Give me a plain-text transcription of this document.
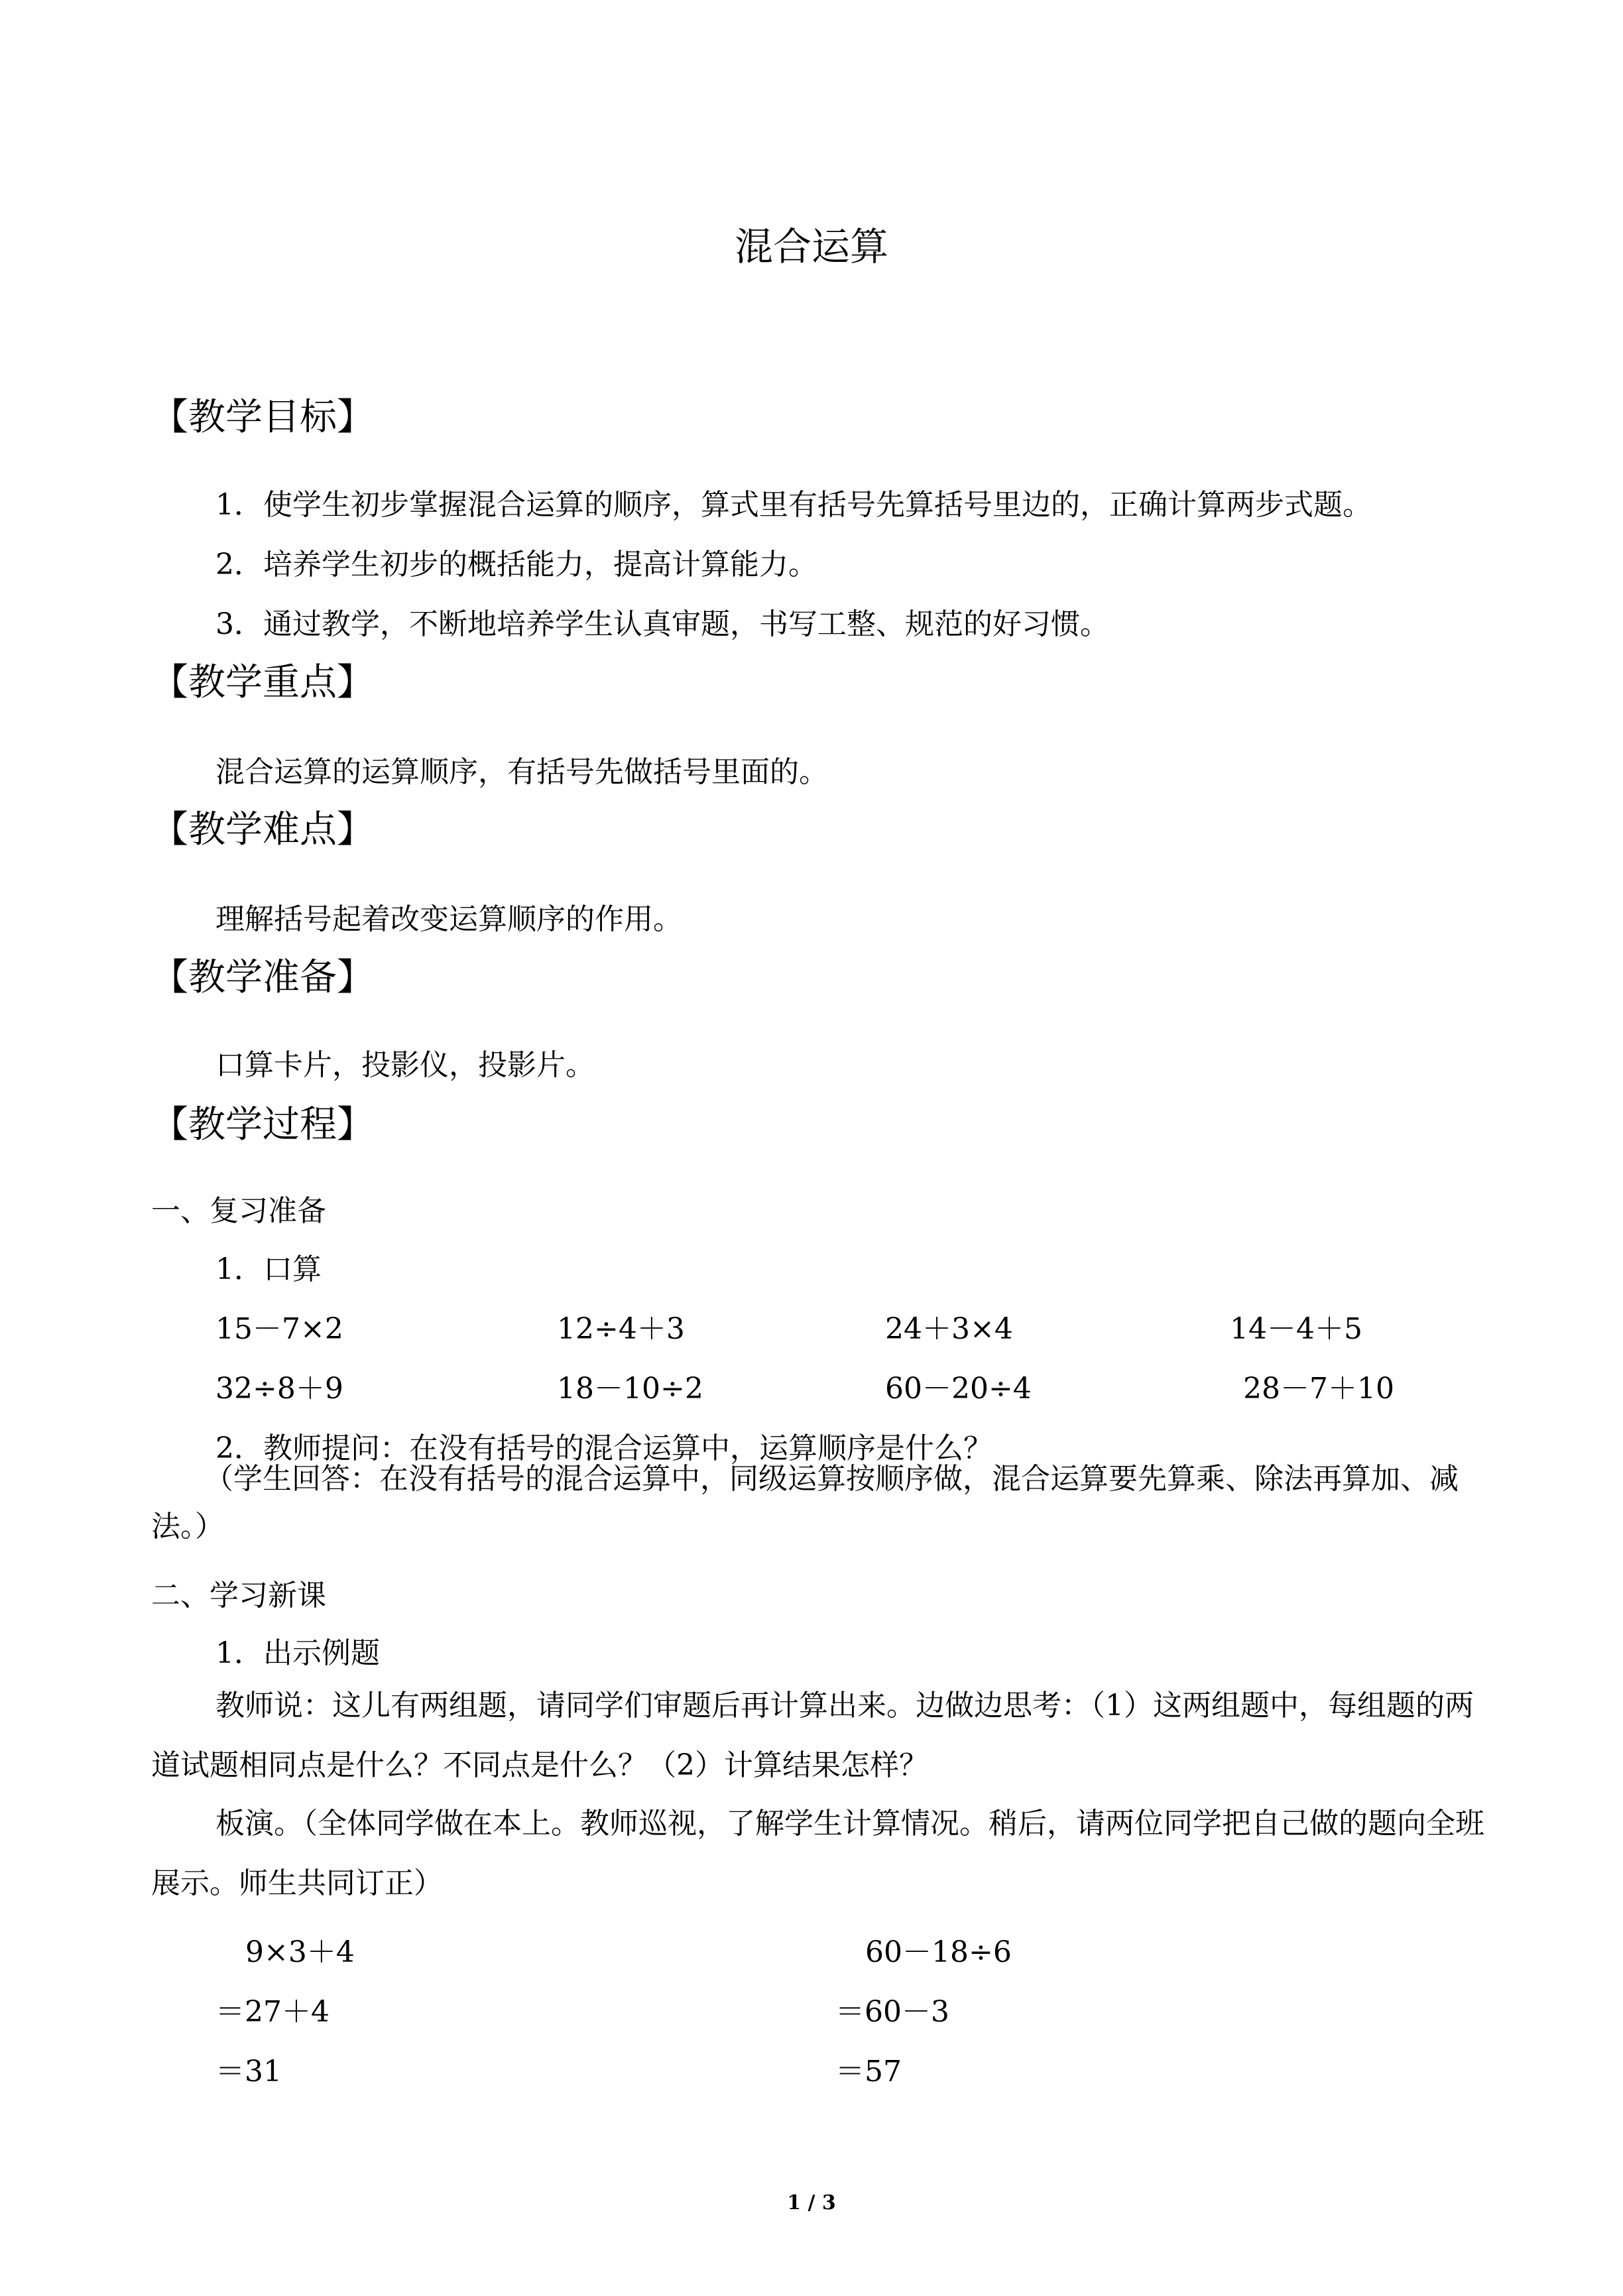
混合运算
【教学目标】
1．使学生初步掌握混合运算的顺序，算式里有括号先算括号里边的，正确计算两步式题。
2．培养学生初步的概括能力，提高计算能力。
3．通过教学，不断地培养学生认真审题，书写工整、规范的好习惯。
【教学重点】
混合运算的运算顺序，有括号先做括号里面的。
【教学难点】
理解括号起着改变运算顺序的作用。
【教学准备】
口算卡片，投影仪，投影片。
【教学过程】
一、复习准备
1．口算
15－7×2	12÷4＋3	24＋3×4	14－4＋5
32÷8＋9	18－10÷2	60－20÷4	28－7＋10
2．教师提问：在没有括号的混合运算中，运算顺序是什么？
（学生回答：在没有括号的混合运算中，同级运算按顺序做，混合运算要先算乘、除法再算加、减法。）
二、学习新课
1．出示例题
教师说：这儿有两组题，请同学们审题后再计算出来。边做边思考：（1）这两组题中，每组题的两道试题相同点是什么？不同点是什么？（2）计算结果怎样？
板演。（全体同学做在本上。教师巡视，了解学生计算情况。稍后，请两位同学把自己做的题向全班展示。师生共同订正）
9×3＋4
＝27＋4
＝31
60－18÷6
＝60－3
＝57
1 / 3
